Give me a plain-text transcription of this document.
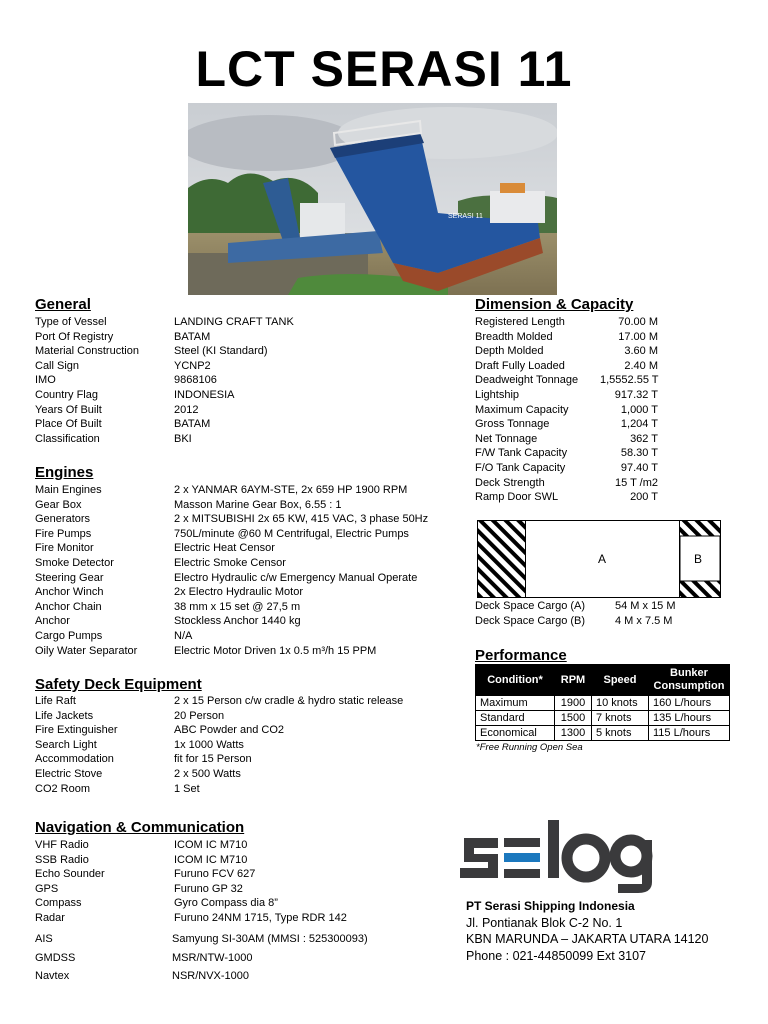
LCT SERASI 11
SERASI 11
General
Type of Vessel	LANDING CRAFT TANK
Port Of Registry	BATAM
Material Construction	Steel (KI Standard)
Call Sign	YCNP2
IMO	9868106
Country Flag	INDONESIA
Years Of Built	2012
Place Of Built	BATAM
Classification	BKI
Engines
Main Engines	2 x YANMAR 6AYM-STE, 2x 659 HP 1900 RPM
Gear Box	Masson Marine Gear Box, 6.55 : 1
Generators	2 x MITSUBISHI 2x 65 KW, 415 VAC, 3 phase 50Hz
Fire Pumps	750L/minute @60 M Centrifugal, Electric Pumps
Fire Monitor	Electric Heat Censor
Smoke Detector	Electric Smoke Censor
Steering Gear	Electro Hydraulic c/w Emergency Manual Operate
Anchor Winch	2x Electro Hydraulic Motor
Anchor Chain	38 mm x 15 set @ 27,5 m
Anchor	Stockless Anchor 1440 kg
Cargo Pumps	N/A
Oily Water Separator	Electric Motor Driven 1x 0.5 m³/h 15 PPM
Safety Deck Equipment
Life Raft	2 x 15 Person c/w cradle & hydro static release
Life Jackets	20 Person
Fire Extinguisher	ABC Powder and CO2
Search Light	1x 1000 Watts
Accommodation	fit for 15 Person
Electric Stove	2 x 500 Watts
CO2 Room	1 Set
Navigation & Communication
VHF Radio	ICOM IC M710
SSB Radio	ICOM IC M710
Echo Sounder	Furuno FCV 627
GPS	Furuno GP 32
Compass	Gyro Compass dia 8”
Radar	Furuno 24NM 1715, Type RDR 142
AIS	Samyung SI-30AM (MMSI : 525300093)
GMDSS	MSR/NTW-1000
Navtex	NSR/NVX-1000
Dimension & Capacity
Registered Length	70.00 M
Breadth Molded	17.00 M
Depth Molded	3.60 M
Draft Fully Loaded	2.40 M
Deadweight Tonnage	1,5552.55 T
Lightship	917.32 T
Maximum Capacity	1,000 T
Gross Tonnage	1,204 T
Net Tonnage	362 T
F/W Tank Capacity	58.30 T
F/O Tank Capacity	97.40 T
Deck Strength	15 T /m2
Ramp Door SWL	200 T
A	B
Deck Space Cargo (A)	54 M x 15 M
Deck Space Cargo (B)	4 M x 7.5 M
Performance
Condition*	RPM	Speed	Bunker Consumption
Maximum	1900	10 knots	160 L/hours
Standard	1500	7 knots	135 L/hours
Economical	1300	5 knots	115 L/hours
*Free Running Open Sea
selog
PT Serasi Shipping Indonesia
Jl. Pontianak Blok C-2 No. 1
KBN MARUNDA – JAKARTA UTARA 14120
Phone : 021-44850099 Ext 3107
